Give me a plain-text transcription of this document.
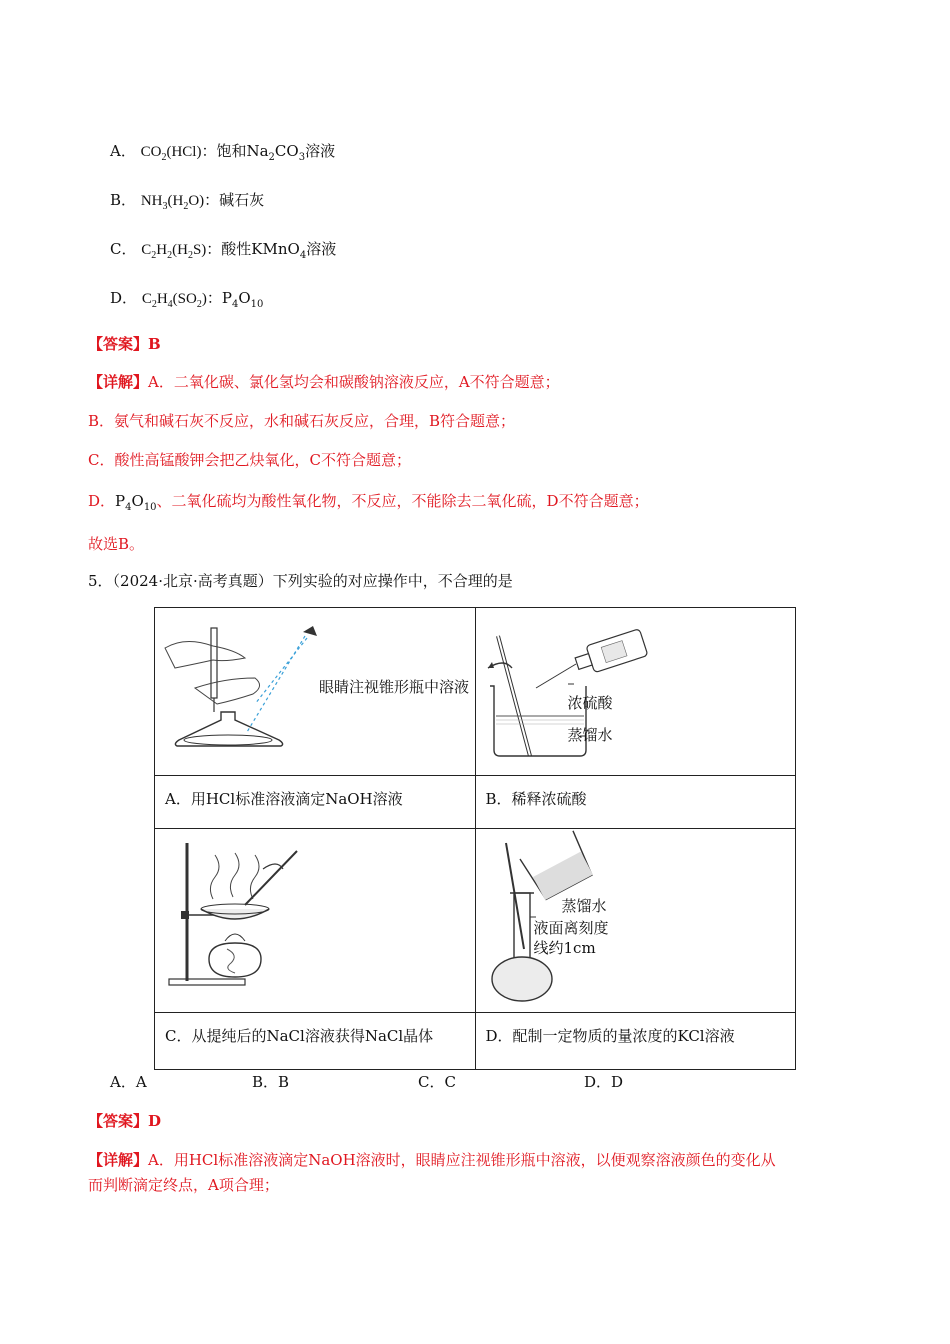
A． $CO_2(HCl)$：饱和$Na_2CO_3$溶液
B． $NH_3(H_2O)$：碱石灰
C． $C_2H_2(H_2S)$：酸性KMnO$_4$溶液
D． $C_2H_4(SO_2)$：$P_4O_{10}$
【答案】B
【详解】A．二氧化碳、氯化氢均会和碳酸钠溶液反应，A不符合题意；
B．氨气和碱石灰不反应，水和碱石灰反应，合理，B符合题意；
C．酸性高锰酸钾会把乙炔氧化，C不符合题意；
D．$P_4O_{10}$、二氧化硫均为酸性氧化物，不反应，不能除去二氧化硫，D不符合题意；
故选B。
5．（2024·北京·高考真题）下列实验的对应操作中，不合理的是
眼睛注视锥形瓶中溶液	浓硫酸
蒸馏水

A．用HCl标准溶液滴定NaOH溶液	B．稀释浓硫酸

蒸馏水
液面离刻度
线约1cm

C．从提纯后的NaCl溶液获得NaCl晶体	D．配制一定物质的量浓度的KCl溶液
A．A	B．B	C．C	D．D
【答案】D
【详解】A．用HCl标准溶液滴定NaOH溶液时，眼睛应注视锥形瓶中溶液，以便观察溶液颜色的变化从
而判断滴定终点，A项合理；
